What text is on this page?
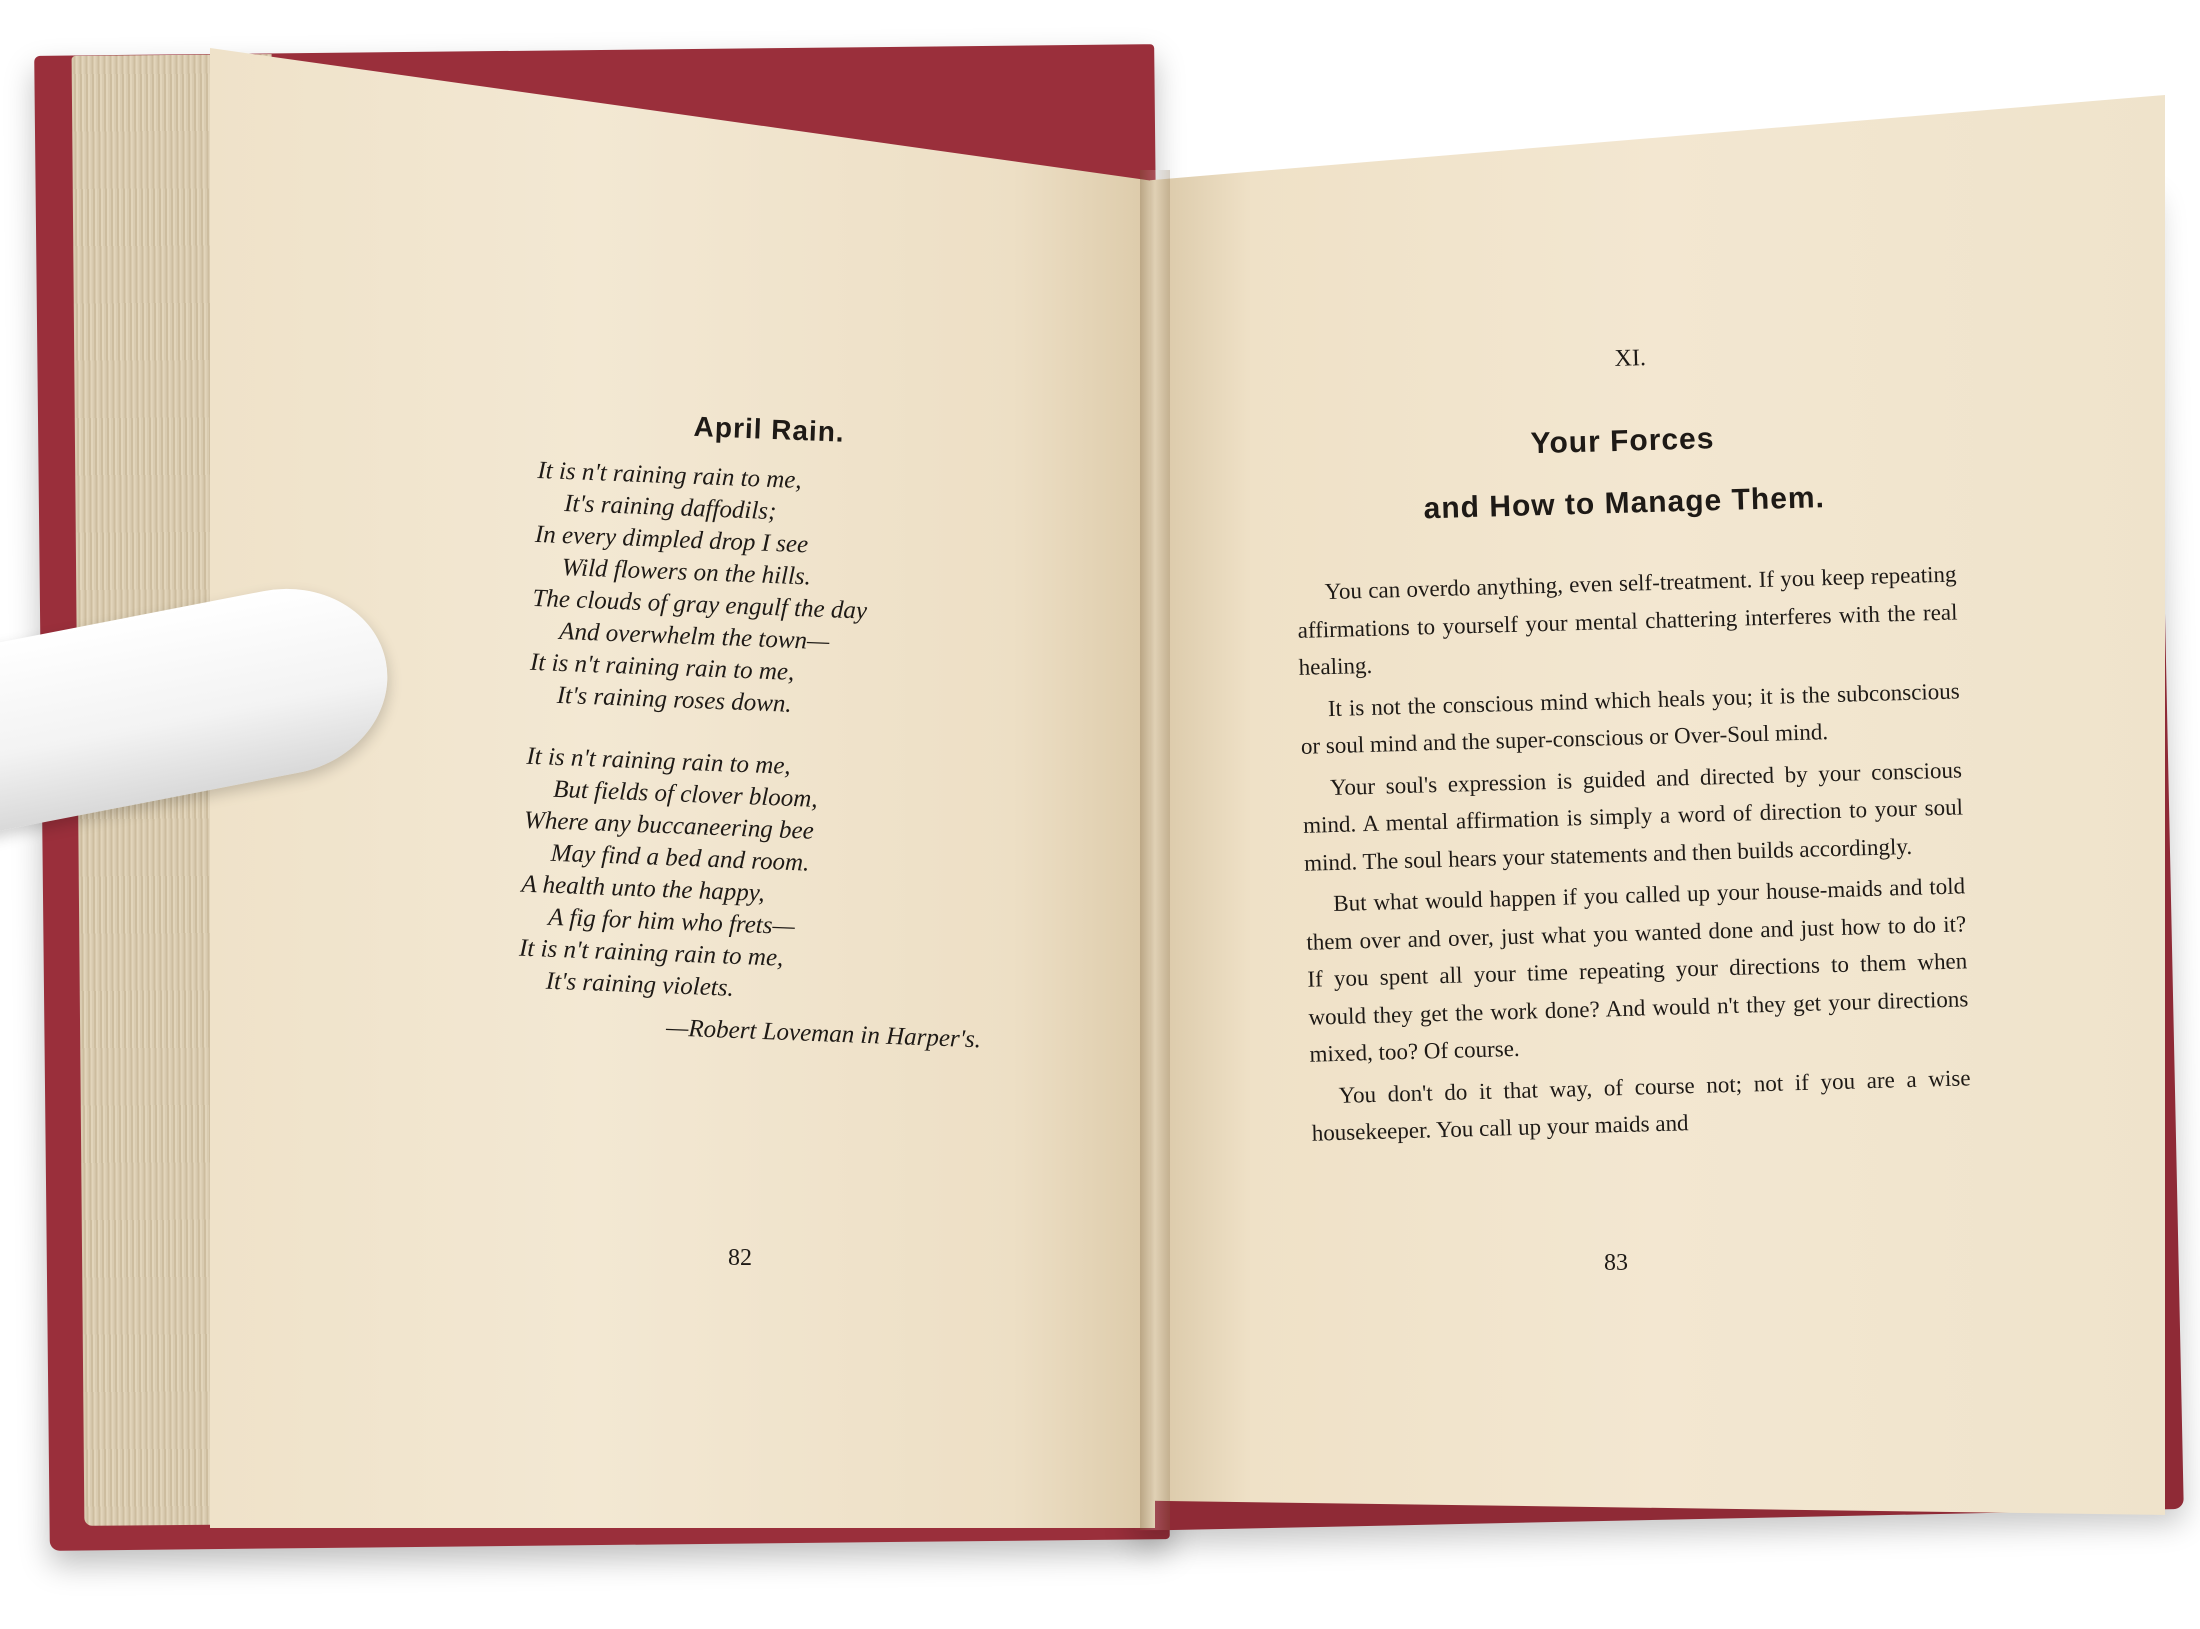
April Rain.
It is n't raining rain to me,
It's raining daffodils;
In every dimpled drop I see
Wild flowers on the hills.
The clouds of gray engulf the day
And overwhelm the town—
It is n't raining rain to me,
It's raining roses down.
It is n't raining rain to me,
But fields of clover bloom,
Where any buccaneering bee
May find a bed and room.
A health unto the happy,
A fig for him who frets—
It is n't raining rain to me,
It's raining violets.
—Robert Loveman in Harper's.
82
XI.
Your Forces
and How to Manage Them.

You can overdo anything, even self-treatment. If you keep repeating affirmations to yourself your mental chattering interferes with the real healing.

It is not the conscious mind which heals you; it is the subconscious or soul mind and the super-conscious or Over-Soul mind.

Your soul's expression is guided and directed by your conscious mind. A mental affirmation is simply a word of direction to your soul mind. The soul hears your statements and then builds accordingly.

But what would happen if you called up your house-maids and told them over and over, just what you wanted done and just how to do it? If you spent all your time repeating your directions to them when would they get the work done? And would n't they get your directions mixed, too? Of course.

You don't do it that way, of course not; not if you are a wise housekeeper. You call up your maids and

83
